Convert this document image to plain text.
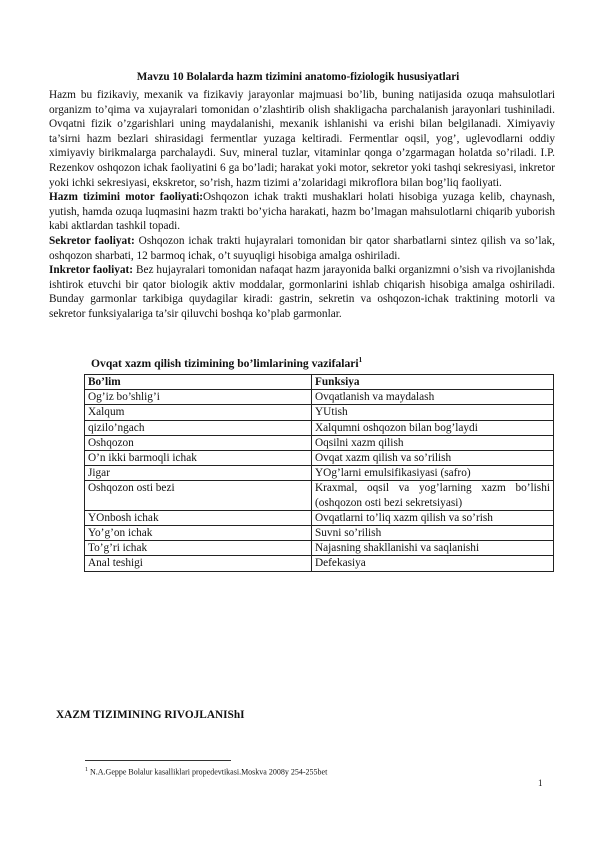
Mavzu 10 Bolalarda hazm tizimini anatomo-fiziologik hususiyatlari

Hazm bu fizikaviy, mexanik va fizikaviy jarayonlar majmuasi bo’lib, buning natijasida ozuqa mahsulotlari organizm to’qima va xujayralari tomonidan o’zlashtirib olish shakligacha parchalanish jarayonlari tushiniladi. Ovqatni fizik o’zgarishlari uning maydalanishi, mexanik ishlanishi va erishi bilan belgilanadi. Ximiyaviy ta’sirni hazm bezlari shirasidagi fermentlar yuzaga keltiradi. Fermentlar oqsil, yog’, uglevodlarni oddiy ximiyaviy birikmalarga parchalaydi. Suv, mineral tuzlar, vitaminlar qonga o’zgarmagan holatda so’riladi. I.P. Rezenkov oshqozon ichak faoliyatini 6 ga bo’ladi; harakat yoki motor, sekretor yoki tashqi sekresiyasi, inkretor yoki ichki sekresiyasi, ekskretor, so’rish, hazm tizimi a’zolaridagi mikroflora bilan bog’liq faoliyati.

Hazm tizimini motor faoliyati:Oshqozon ichak trakti mushaklari holati hisobiga yuzaga kelib, chaynash, yutish, hamda ozuqa luqmasini hazm trakti bo’yicha harakati, hazm bo’lmagan mahsulotlarni chiqarib yuborish kabi aktlardan tashkil topadi.

Sekretor faoliyat: Oshqozon ichak trakti hujayralari tomonidan bir qator sharbatlarni sintez qilish va so’lak, oshqozon sharbati, 12 barmoq ichak, o’t suyuqligi hisobiga amalga oshiriladi.

Inkretor faoliyat: Bez hujayralari tomonidan nafaqat hazm jarayonida balki organizmni o’sish va rivojlanishda ishtirok etuvchi bir qator biologik aktiv moddalar, gormonlarini ishlab chiqarish hisobiga amalga oshiriladi. Bunday garmonlar tarkibiga quydagilar kiradi: gastrin, sekretin va oshqozon-ichak traktining motorli va sekretor funksiyalariga ta’sir qiluvchi boshqa ko’plab garmonlar.

Ovqat xazm qilish tizimining bo’limlarining vazifalari$^1$
Bo’lim	Funksiya
Og’iz bo’shlig’i	Ovqatlanish va maydalash
Xalqum	YUtish
qizilo’ngach	Xalqumni oshqozon bilan bog’laydi
Oshqozon	Oqsilni xazm qilish
O’n ikki barmoqli ichak	Ovqat xazm qilish va so’rilish
Jigar	YOg’larni emulsifikasiyasi (safro)
Oshqozon osti bezi	Kraxmal, oqsil va yog’larning xazm bo’lishi (oshqozon osti bezi sekretsiyasi)
YOnbosh ichak	Ovqatlarni to’liq xazm qilish va so’rish
Yo’g’on ichak	Suvni so’rilish
To’g’ri ichak	Najasning shakllanishi va saqlanishi
Anal teshigi	Defekasiya
XAZM TIZIMINING RIVOJLANIShI
$^1$ N.A.Geppe Bolalur kasalliklari propedevtikasi.Moskva 2008y 254-255bet
1
